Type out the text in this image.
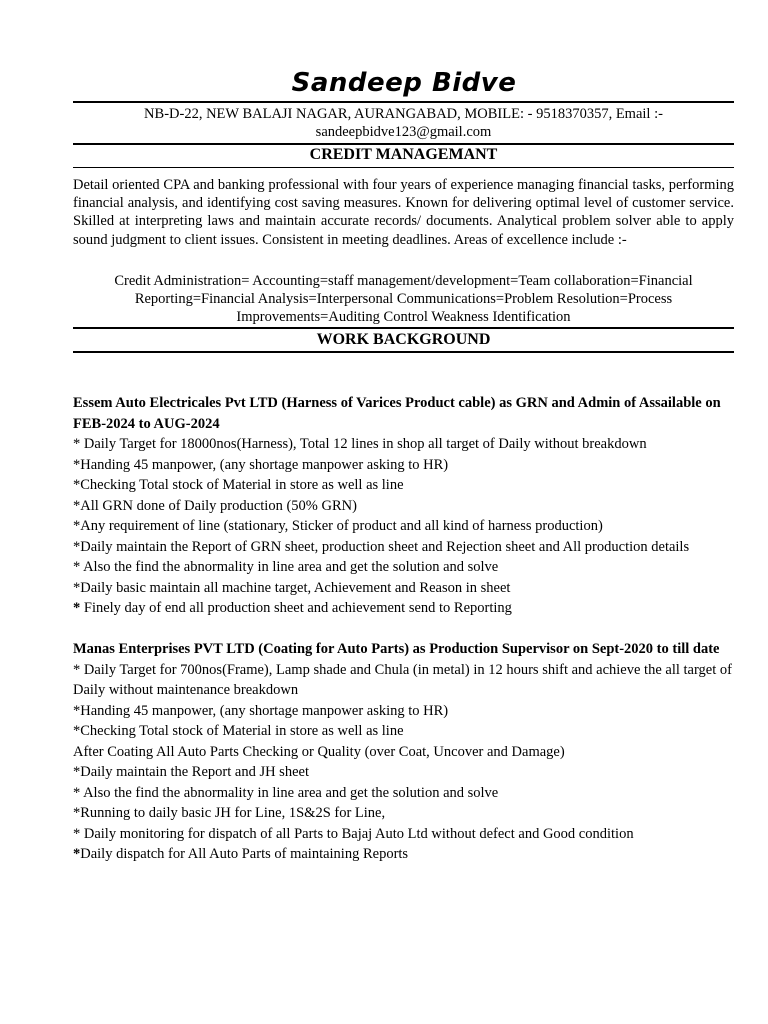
Sandeep Bidve
NB-D-22, NEW BALAJI NAGAR, AURANGABAD, MOBILE: - 9518370357, Email :-
sandeepbidve123@gmail.com
CREDIT MANAGEMANT
Detail oriented CPA and banking professional with four years of experience managing financial tasks, performing financial analysis, and identifying cost saving measures. Known for delivering optimal level of customer service. Skilled at interpreting laws and maintain accurate records/ documents. Analytical problem solver able to apply sound judgment to client issues. Consistent in meeting deadlines. Areas of excellence include :-
Credit Administration= Accounting=staff management/development=Team collaboration=Financial
Reporting=Financial Analysis=Interpersonal Communications=Problem Resolution=Process
Improvements=Auditing Control Weakness Identification
WORK BACKGROUND
Essem Auto Electricales Pvt LTD (Harness of Varices Product cable) as GRN and Admin of Assailable on FEB-2024 to AUG-2024
* Daily Target for 18000nos(Harness), Total 12 lines in shop all target of Daily without breakdown
*Handing 45 manpower, (any shortage manpower asking to HR)
*Checking Total stock of Material in store as well as line
*All GRN done of Daily production (50% GRN)
*Any requirement of line (stationary, Sticker of product and all kind of harness production)
*Daily maintain the Report of GRN sheet, production sheet and Rejection sheet and All production details
* Also the find the abnormality in line area and get the solution and solve
*Daily basic maintain all machine target, Achievement and Reason in sheet
* Finely day of end all production sheet and achievement send to Reporting
Manas Enterprises PVT LTD (Coating for Auto Parts) as Production Supervisor on Sept-2020 to till date
* Daily Target for 700nos(Frame), Lamp shade and Chula (in metal) in 12 hours shift and achieve the all target of Daily without maintenance breakdown
*Handing 45 manpower, (any shortage manpower asking to HR)
*Checking Total stock of Material in store as well as line
After Coating All Auto Parts Checking or Quality (over Coat, Uncover and Damage)
*Daily maintain the Report and JH sheet
* Also the find the abnormality in line area and get the solution and solve
*Running to daily basic JH for Line, 1S&2S for Line,
* Daily monitoring for dispatch of all Parts to Bajaj Auto Ltd without defect and Good condition
*Daily dispatch for All Auto Parts of maintaining Reports
